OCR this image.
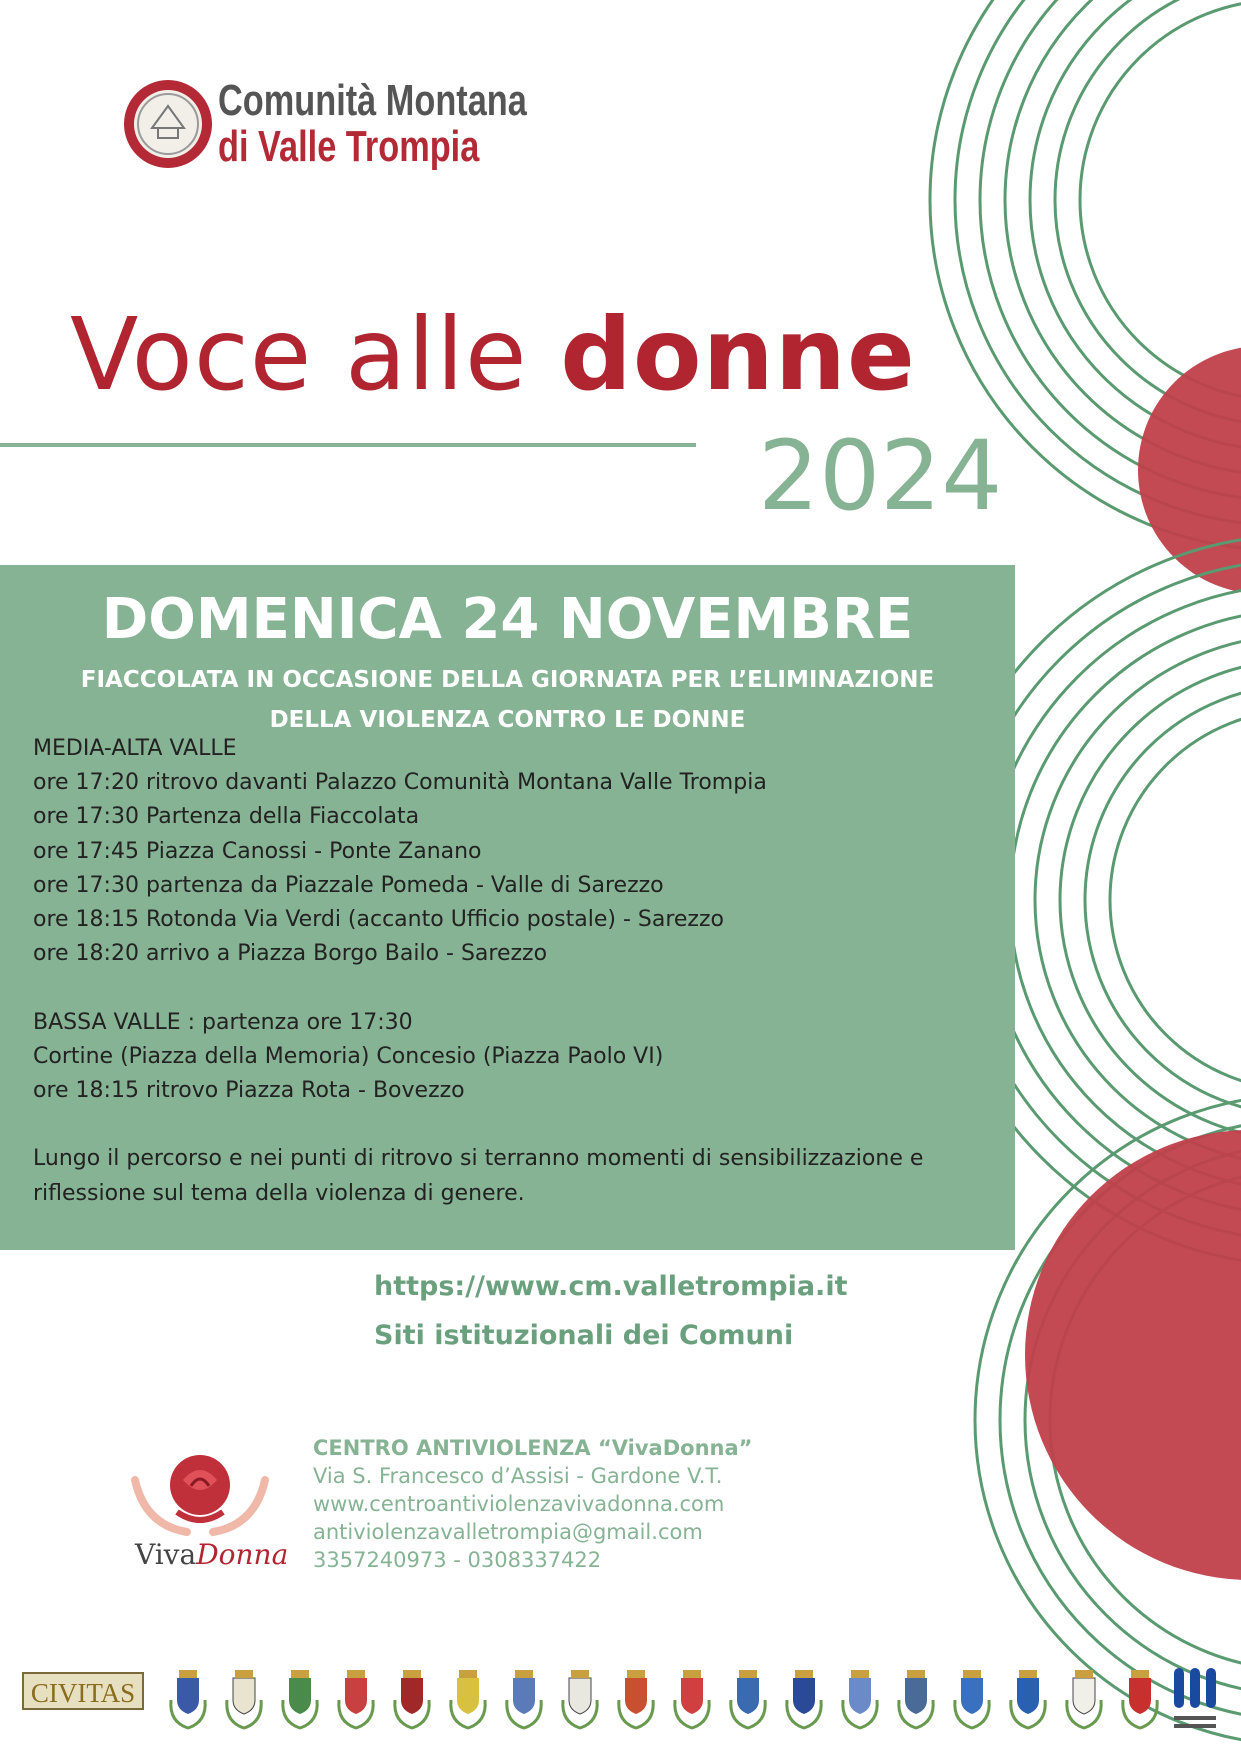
Comunità Montana
di Valle Trompia
Voce alle donne
2024
DOMENICA 24 NOVEMBRE
FIACCOLATA IN OCCASIONE DELLA GIORNATA PER L’ELIMINAZIONE
DELLA VIOLENZA CONTRO LE DONNE
MEDIA-ALTA VALLE
ore 17:20 ritrovo davanti Palazzo Comunità Montana Valle Trompia
ore 17:30 Partenza della Fiaccolata
ore 17:45 Piazza Canossi - Ponte Zanano
ore 17:30 partenza da Piazzale Pomeda - Valle di Sarezzo
ore 18:15 Rotonda Via Verdi (accanto Ufficio postale) - Sarezzo
ore 18:20 arrivo a Piazza Borgo Bailo - Sarezzo
BASSA VALLE : partenza ore 17:30
Cortine (Piazza della Memoria) Concesio (Piazza Paolo VI)
ore 18:15 ritrovo Piazza Rota - Bovezzo
Lungo il percorso e nei punti di ritrovo si terranno momenti di sensibilizzazione e riflessione sul tema della violenza di genere.
https://www.cm.valletrompia.it
Siti istituzionali dei Comuni
VivaDonna
CENTRO ANTIVIOLENZA “VivaDonna”
Via S. Francesco d’Assisi - Gardone V.T.
www.centroantiviolenzavivadonna.com
antiviolenzavalletrompia@gmail.com
3357240973 - 0308337422
CIVITAS
